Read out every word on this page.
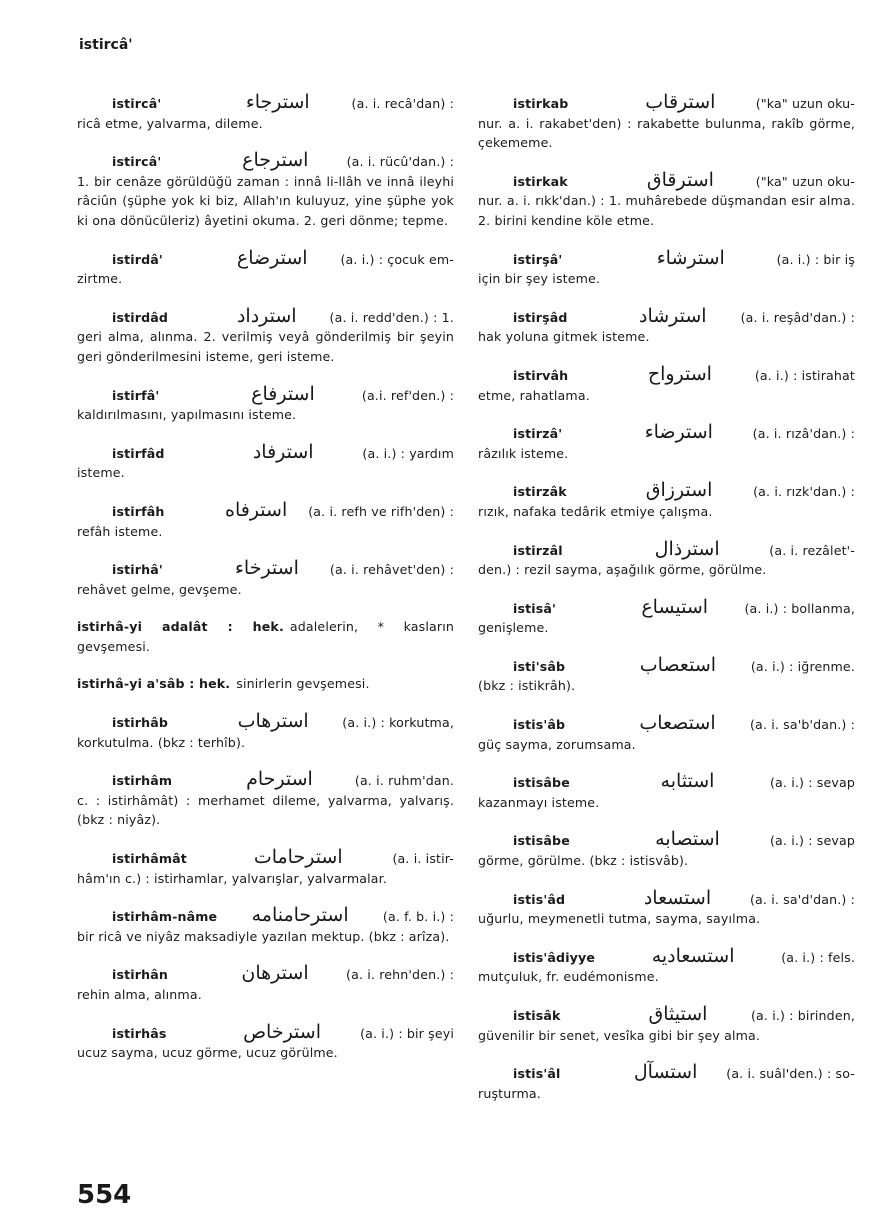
istircâ'
istircâ'	استرجاء	(a. i. recâ'dan) :
ricâ etme, yalvarma, dileme.
istircâ'	استرجاع	(a. i. rücû'dan.) :
1. bir cenâze görüldüğü zaman : innâ li-llâh ve innâ ileyhi râciûn (şüphe yok ki biz, Allah'ın kuluyuz, yine şüphe yok ki ona dönücüleriz) âyetini okuma. 2. geri dönme; tepme.
istirdâ'	استرضاع	(a. i.) : çocuk em-
zirtme.
istirdâd	استرداد	(a. i. redd'den.) : 1.
geri alma, alınma. 2. verilmiş veyâ gönderilmiş bir şeyin geri gönderilmesini isteme, geri isteme.
istirfâ'	استرفاع	(a.i. ref'den.) :
kaldırılmasını, yapılmasını isteme.
istirfâd	استرفاد	(a. i.) : yardım
isteme.
istirfâh	استرفاه	(a. i. refh ve rifh'den) :
refâh isteme.
istirhâ'	استرخاء	(a. i. rehâvet'den) :
rehâvet gelme, gevşeme.
istirhâ-yi adalât : hek. adalelerin, * kasların gevşemesi.
istirhâ-yi a'sâb : hek. sinirlerin gevşemesi.
istirhâb	استرهاب	(a. i.) : korkutma,
korkutulma. (bkz : terhîb).
istirhâm	استرحام	(a. i. ruhm'dan.
c. : istirhâmât) : merhamet dileme, yalvarma, yalvarış. (bkz : niyâz).
istirhâmât	استرحامات	(a. i. istir-
hâm'ın c.) : istirhamlar, yalvarışlar, yalvarmalar.
istirhâm-nâme	استرحامنامه	(a. f. b. i.) :
bir ricâ ve niyâz maksadiyle yazılan mektup. (bkz : arîza).
istirhân	استرهان	(a. i. rehn'den.) :
rehin alma, alınma.
istirhâs	استرخاص	(a. i.) : bir şeyi
ucuz sayma, ucuz görme, ucuz görülme.
istirkab	استرقاب	("ka" uzun oku-
nur. a. i. rakabet'den) : rakabette bulunma, rakîb görme, çekememe.
istirkak	استرقاق	("ka" uzun oku-
nur. a. i. rıkk'dan.) : 1. muhârebede düşmandan esir alma. 2. birini kendine köle etme.
istirşâ'	استرشاء	(a. i.) : bir iş
için bir şey isteme.
istirşâd	استرشاد	(a. i. reşâd'dan.) :
hak yoluna gitmek isteme.
istirvâh	استرواح	(a. i.) : istirahat
etme, rahatlama.
istirzâ'	استرضاء	(a. i. rızâ'dan.) :
râzılık isteme.
istirzâk	استرزاق	(a. i. rızk'dan.) :
rızık, nafaka tedârik etmiye çalışma.
istirzâl	استرذال	(a. i. rezâlet'-
den.) : rezil sayma, aşağılık görme, görülme.
istisâ'	استيساع	(a. i.) : bollanma,
genişleme.
isti'sâb	استعصاب	(a. i.) : iğrenme.
(bkz : istikrâh).
istis'âb	استصعاب	(a. i. sa'b'dan.) :
güç sayma, zorumsama.
istisâbe	استثابه	(a. i.) : sevap
kazanmayı isteme.
istisâbe	استصابه	(a. i.) : sevap
görme, görülme. (bkz : istisvâb).
istis'âd	استسعاد	(a. i. sa'd'dan.) :
uğurlu, meymenetli tutma, sayma, sayılma.
istis'âdiyye	استسعاديه	(a. i.) : fels.
mutçuluk, fr. eudémonisme.
istisâk	استيثاق	(a. i.) : birinden,
güvenilir bir senet, vesîka gibi bir şey alma.
istis'âl	استسآل	(a. i. suâl'den.) : so-
ruşturma.
554
